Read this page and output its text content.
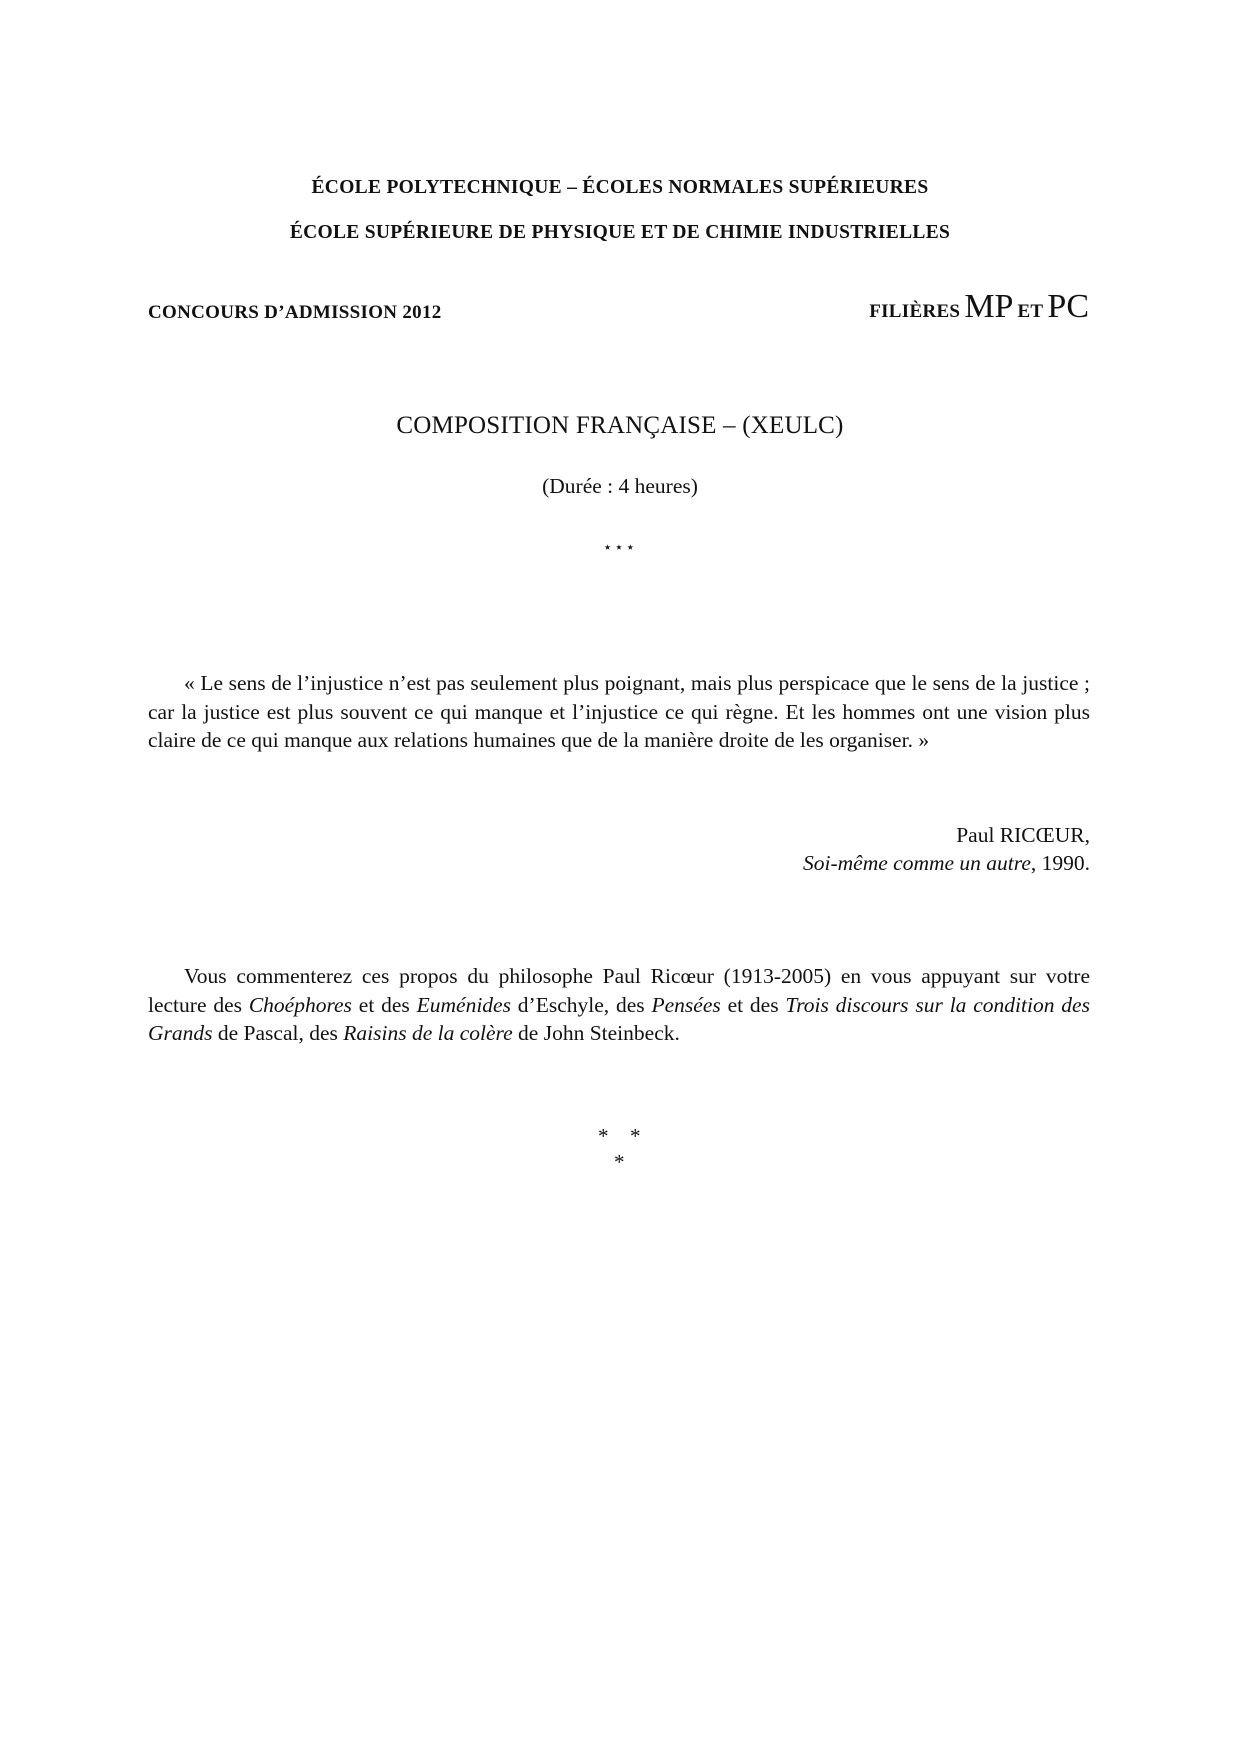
ÉCOLE POLYTECHNIQUE – ÉCOLES NORMALES SUPÉRIEURES
ÉCOLE SUPÉRIEURE DE PHYSIQUE ET DE CHIMIE INDUSTRIELLES
CONCOURS D’ADMISSION 2012	FILIÈRES MP ET PC
COMPOSITION FRANÇAISE – (XEULC)
(Durée : 4 heures)
⋆⋆⋆

« Le sens de l’injustice n’est pas seulement plus poignant, mais plus perspicace que le sens de la justice ; car la justice est plus souvent ce qui manque et l’injustice ce qui règne. Et les hommes ont une vision plus claire de ce qui manque aux relations humaines que de la manière droite de les organiser. »

Paul RICŒUR,
Soi-même comme un autre, 1990.

Vous commenterez ces propos du philosophe Paul Ricœur (1913-2005) en vous appuyant sur votre lecture des Choéphores et des Euménides d’Eschyle, des Pensées et des Trois discours sur la condition des Grands de Pascal, des Raisins de la colère de John Steinbeck.

* *
*
